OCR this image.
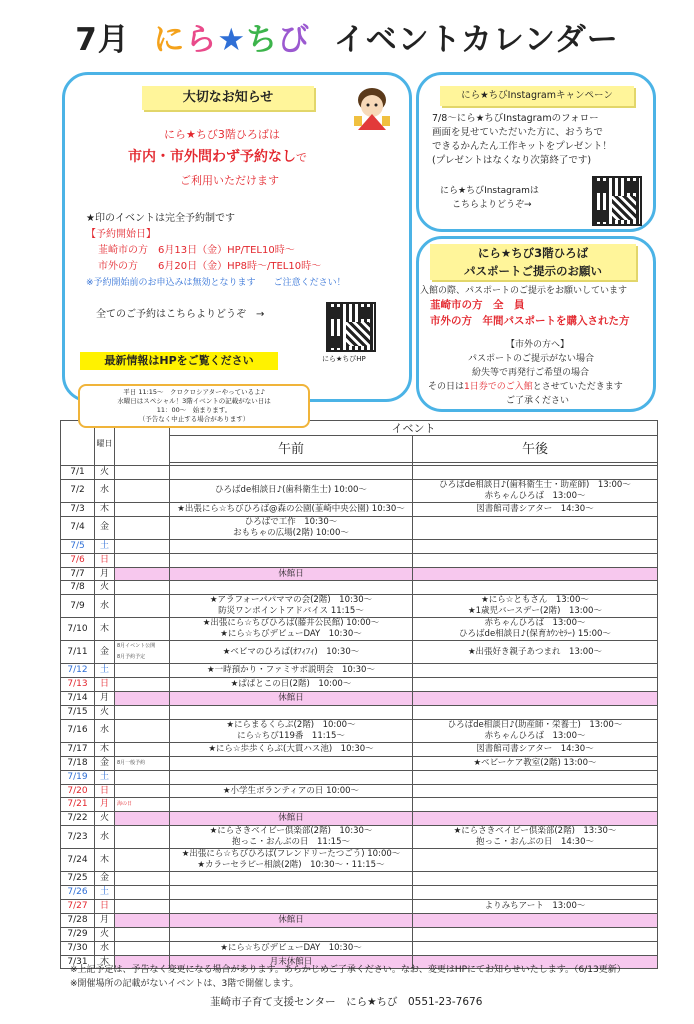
7月 にら★ちび イベントカレンダー
大切なお知らせ
にら★ちび3階ひろばは
市内・市外問わず予約なしで
ご利用いただけます
★印のイベントは完全予約制です
【予約開始日】
韮崎市の方　6月13日（金）HP/TEL10時～
市外の方　　6月20日（金）HP8時～/TEL10時～
※予約開始前のお申込みは無効となります　　 ご注意ください！
全てのご予約はこちらよりどうぞ　→
にら★ちびHP
最新情報はHPをご覧ください
にら★ちびInstagramキャンペーン
7/8～にら★ちびInstagramのフォロー
画面を見せていただいた方に、おうちで
できるかんたん工作キットをプレゼント！
(プレゼントはなくなり次第終了です)
にら★ちびInstagramは
こちらよりどうぞ→
にら★ちび3階ひろば
パスポートご提示のお願い
入館の際、パスポートのご提示をお願いしています
韮崎市の方　全　員
市外の方　年間パスポートを購入された方
【市外の方へ】
パスポートのご提示がない場合
紛失等で再発行ご希望の場合
その日は1日券でのご入館とさせていただきます
ご了承ください
	曜日		イベント	
			午前	午後

7/1	火			
7/2	水		ひろばde相談日♪(歯科衛生士) 10:00～	ひろばde相談日♪(歯科衛生士・助産師)　13:00～
赤ちゃんひろば　13:00～
7/3	木		★出張にら☆ちびひろば@森の公園(韮崎中央公園) 10:30～	図書館司書シアター　14:30～
7/4	金		ひろばで工作　10:30～
おもちゃの広場(2階) 10:00～	
7/5	土			
7/6	日			
7/7	月		休館日	
7/8	火			
7/9	水		★アラフォーパパママの会(2階)　10:30～
防災ワンポイントアドバイス 11:15～	★にら☆ともさん　13:00～
★1歳児バースデー(2階)　13:00～
7/10	木		★出張にら☆ちびひろば(藤井公民館) 10:00～
★にら☆ちびデビューDAY　10:30～	赤ちゃんひろば　13:00～
ひろばde相談日♪(保育ｶｳﾝｾﾗｰ) 15:00～
7/11	金	8月イベント公開
8月予約予定	★ベビマのひろば(ｵﾌｨﾌｨ)　10:30～	★出張好き親子あつまれ　13:00～
7/12	土		★一時預かり・ファミサポ説明会　10:30～	
7/13	日		★ぱぱとこの日(2階)　10:00～	
7/14	月		休館日	
7/15	火			
7/16	水		★にらまるくらぶ(2階)　10:00～
にら☆ちび119番　11:15～	ひろばde相談日♪(助産師・栄養士)　13:00～
赤ちゃんひろば　13:00～
7/17	木		★にら☆歩歩くらぶ(大貫ハス池)　10:30～	図書館司書シアター　14:30～
7/18	金	8月一般予約		★ベビーケア教室(2階) 13:00～
7/19	土			
7/20	日		★小学生ボランティアの日 10:00～	
7/21	月	海の日		
7/22	火		休館日	
7/23	水		★にらさきベイビー倶楽部(2階)　10:30～
抱っこ・おんぶの日　11:15～	★にらさきベイビー倶楽部(2階)　13:30～
抱っこ・おんぶの日　14:30～
7/24	木		★出張にら☆ちびひろば(フレンドリーたつごう) 10:00～
★カラーセラピー相談(2階)　10:30～・11:15～	
7/25	金			
7/26	土			
7/27	日			よりみちアート　13:00～
7/28	月		休館日	
7/29	火			
7/30	水		★にら☆ちびデビューDAY　10:30～	
7/31	木		月末休館日	
平日 11:15～　クロクロシアターやっているよ♪
水曜日はスペシャル！3階イベントの記載がない日は
11：00～　始まります。
（予告なく中止する場合があります）
※上記予定は、予告なく変更になる場合があります。あらかじめご了承ください。なお、変更はHPにてお知らせいたします。（6/13更新）
※開催場所の記載がないイベントは、3階で開催します。
韮崎市子育て支援センター　にら★ちび　0551-23-7676
